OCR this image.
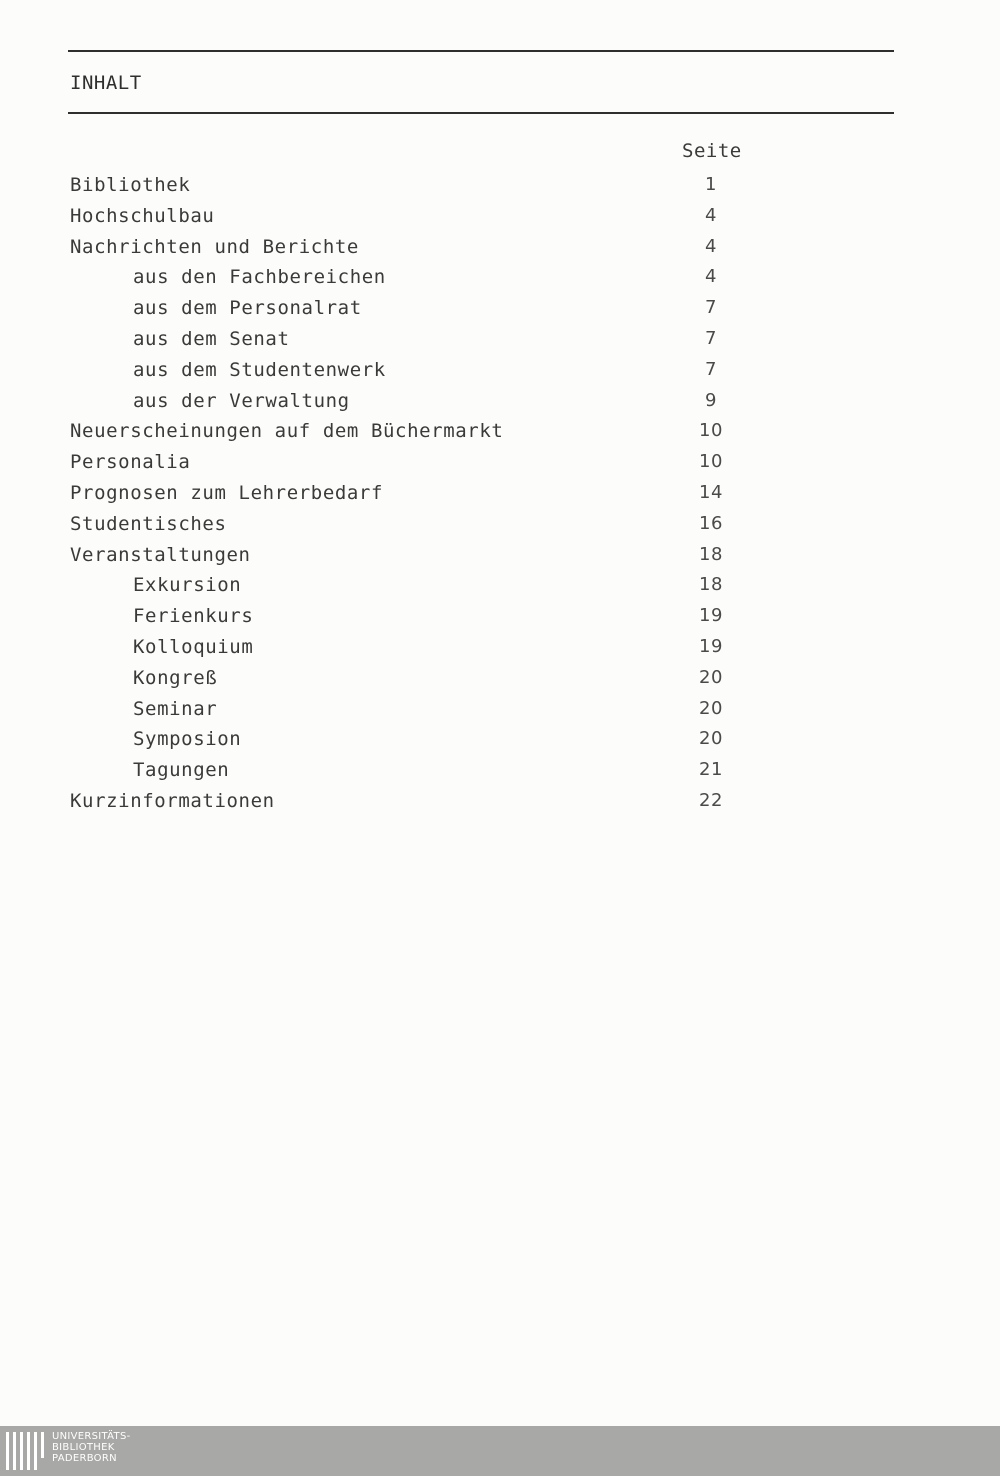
INHALT
Seite
Bibliothek	1
Hochschulbau	4
Nachrichten und Berichte	4
aus den Fachbereichen	4
aus dem Personalrat	7
aus dem Senat	7
aus dem Studentenwerk	7
aus der Verwaltung	9
Neuerscheinungen auf dem Büchermarkt	10
Personalia	10
Prognosen zum Lehrerbedarf	14
Studentisches	16
Veranstaltungen	18
Exkursion	18
Ferienkurs	19
Kolloquium	19
Kongreß	20
Seminar	20
Symposion	20
Tagungen	21
Kurzinformationen	22
UNIVERSITÄTS-
BIBLIOTHEK
PADERBORN
